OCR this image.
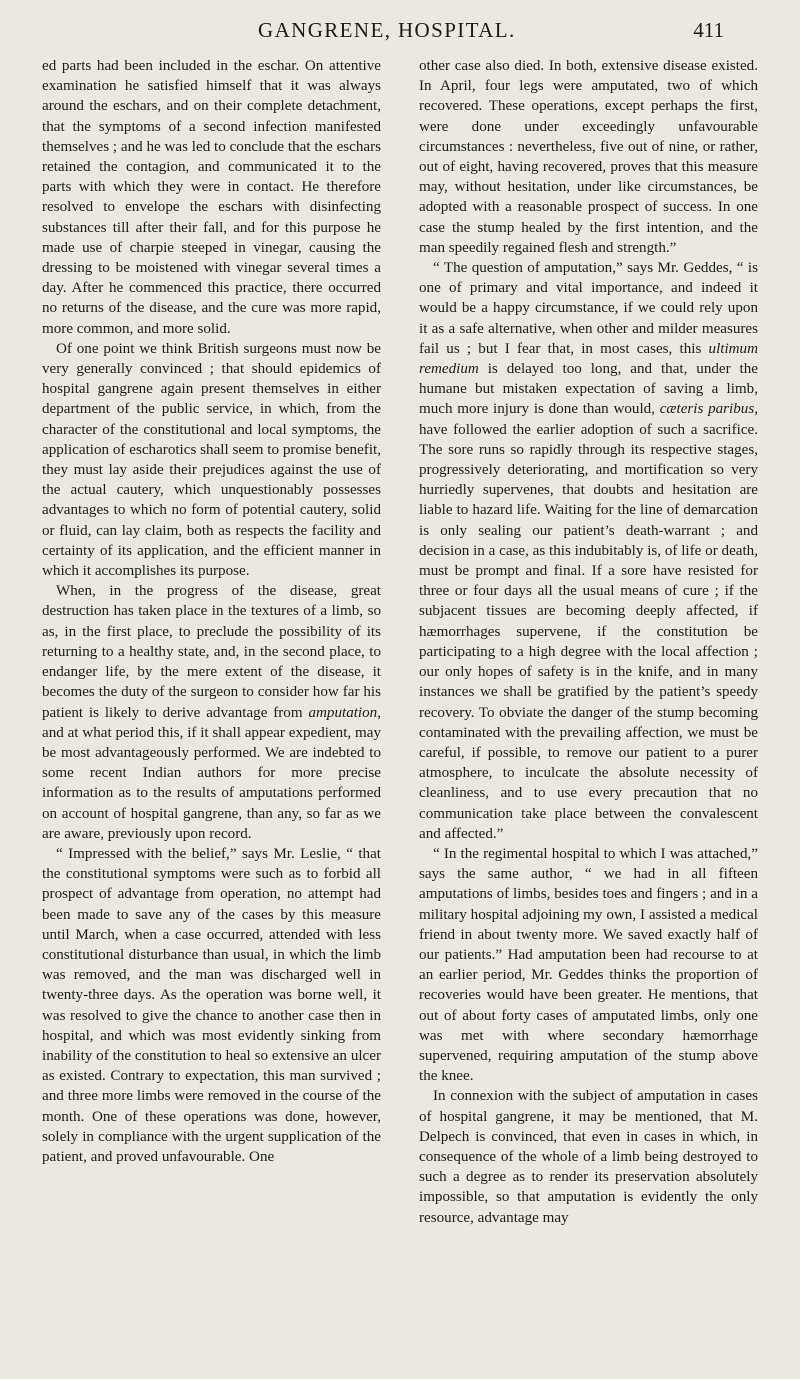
GANGRENE, HOSPITAL.	411

ed parts had been included in the eschar. On attentive examination he satisfied himself that it was always around the eschars, and on their complete detachment, that the symptoms of a second infection manifested themselves ; and he was led to conclude that the eschars retained the contagion, and communicated it to the parts with which they were in contact. He therefore resolved to envelope the eschars with disinfecting substances till after their fall, and for this purpose he made use of charpie steeped in vinegar, causing the dressing to be moistened with vinegar several times a day. After he commenced this practice, there occurred no returns of the disease, and the cure was more rapid, more common, and more solid.

Of one point we think British surgeons must now be very generally convinced ; that should epidemics of hospital gangrene again present themselves in either department of the public service, in which, from the character of the constitutional and local symptoms, the application of escharotics shall seem to promise benefit, they must lay aside their prejudices against the use of the actual cautery, which unquestionably possesses advantages to which no form of potential cautery, solid or fluid, can lay claim, both as respects the facility and certainty of its application, and the efficient manner in which it accomplishes its purpose.

When, in the progress of the disease, great destruction has taken place in the textures of a limb, so as, in the first place, to preclude the possibility of its returning to a healthy state, and, in the second place, to endanger life, by the mere extent of the disease, it becomes the duty of the surgeon to consider how far his patient is likely to derive advantage from amputation, and at what period this, if it shall appear expedient, may be most advantageously performed. We are indebted to some recent Indian authors for more precise information as to the results of amputations performed on account of hospital gangrene, than any, so far as we are aware, previously upon record.

“ Impressed with the belief,” says Mr. Leslie, “ that the constitutional symptoms were such as to forbid all prospect of advantage from operation, no attempt had been made to save any of the cases by this measure until March, when a case occurred, attended with less constitutional disturbance than usual, in which the limb was removed, and the man was discharged well in twenty-three days. As the operation was borne well, it was resolved to give the chance to another case then in hospital, and which was most evidently sinking from inability of the constitution to heal so extensive an ulcer as existed. Contrary to expectation, this man survived ; and three more limbs were removed in the course of the month. One of these operations was done, however, solely in compliance with the urgent supplication of the patient, and proved unfavourable. One

other case also died. In both, extensive disease existed. In April, four legs were amputated, two of which recovered. These operations, except perhaps the first, were done under exceedingly unfavourable circumstances : nevertheless, five out of nine, or rather, out of eight, having recovered, proves that this measure may, without hesitation, under like circumstances, be adopted with a reasonable prospect of success. In one case the stump healed by the first intention, and the man speedily regained flesh and strength.”

“ The question of amputation,” says Mr. Geddes, “ is one of primary and vital importance, and indeed it would be a happy circumstance, if we could rely upon it as a safe alternative, when other and milder measures fail us ; but I fear that, in most cases, this ultimum remedium is delayed too long, and that, under the humane but mistaken expectation of saving a limb, much more injury is done than would, cæteris paribus, have followed the earlier adoption of such a sacrifice. The sore runs so rapidly through its respective stages, progressively deteriorating, and mortification so very hurriedly supervenes, that doubts and hesitation are liable to hazard life. Waiting for the line of demarcation is only sealing our patient’s death-warrant ; and decision in a case, as this indubitably is, of life or death, must be prompt and final. If a sore have resisted for three or four days all the usual means of cure ; if the subjacent tissues are becoming deeply affected, if hæmorrhages supervene, if the constitution be participating to a high degree with the local affection ; our only hopes of safety is in the knife, and in many instances we shall be gratified by the patient’s speedy recovery. To obviate the danger of the stump becoming contaminated with the prevailing affection, we must be careful, if possible, to remove our patient to a purer atmosphere, to inculcate the absolute necessity of cleanliness, and to use every precaution that no communication take place between the convalescent and affected.”

“ In the regimental hospital to which I was attached,” says the same author, “ we had in all fifteen amputations of limbs, besides toes and fingers ; and in a military hospital adjoining my own, I assisted a medical friend in about twenty more. We saved exactly half of our patients.” Had amputation been had recourse to at an earlier period, Mr. Geddes thinks the proportion of recoveries would have been greater. He mentions, that out of about forty cases of amputated limbs, only one was met with where secondary hæmorrhage supervened, requiring amputation of the stump above the knee.

In connexion with the subject of amputation in cases of hospital gangrene, it may be mentioned, that M. Delpech is convinced, that even in cases in which, in consequence of the whole of a limb being destroyed to such a degree as to render its preservation absolutely impossible, so that amputation is evidently the only resource, advantage may
